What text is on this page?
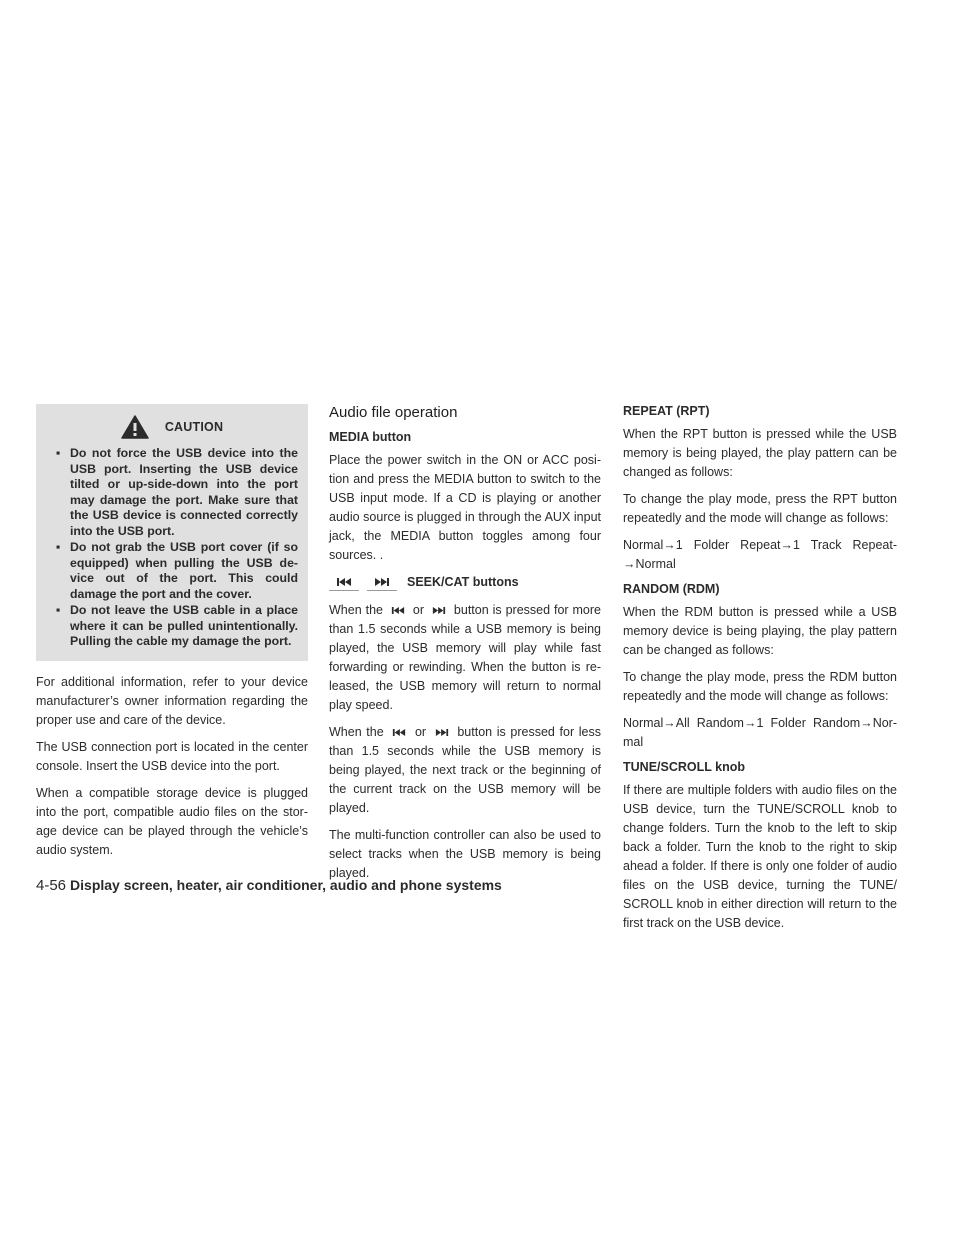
CAUTION
▪ Do not force the USB device into the USB port. Inserting the USB device tilted or up-side-down into the port may damage the port. Make sure that the USB device is connected correctly into the USB port.
▪ Do not grab the USB port cover (if so equipped) when pulling the USB de-vice out of the port. This could damage the port and the cover.
▪ Do not leave the USB cable in a place where it can be pulled unintentionally. Pulling the cable my damage the port.

For additional information, refer to your device manufacturer’s owner information regarding the proper use and care of the device.

The USB connection port is located in the center console. Insert the USB device into the port.

When a compatible storage device is plugged into the port, compatible audio files on the stor-age device can be played through the vehicle’s audio system.

Audio file operation
MEDIA button

Place the power switch in the ON or ACC posi-tion and press the MEDIA button to switch to the USB input mode. If a CD is playing or another audio source is plugged in through the AUX input jack, the MEDIA button toggles among four sources. .

SEEK/CAT buttons

When the or button is pressed for more than 1.5 seconds while a USB memory is being played, the USB memory will play while fast forwarding or rewinding. When the button is re-leased, the USB memory will return to normal play speed.

When the	or	button is pressed for less than 1.5 seconds while the USB memory is being played, the next track or the beginning of the current track on the USB memory will be played.

The multi-function controller can also be used to select tracks when the USB memory is being played.

REPEAT (RPT)

When the RPT button is pressed while the USB memory is being played, the play pattern can be changed as follows:

To change the play mode, press the RPT button repeatedly and the mode will change as follows:

Normal→1 Folder Repeat→1 Track Repeat-→Normal

RANDOM (RDM)

When the RDM button is pressed while a USB memory device is being playing, the play pattern can be changed as follows:

To change the play mode, press the RDM button repeatedly and the mode will change as follows:

Normal→All Random→1 Folder Random→Nor-mal

TUNE/SCROLL knob

If there are multiple folders with audio files on the USB device, turn the TUNE/SCROLL knob to change folders. Turn the knob to the left to skip back a folder. Turn the knob to the right to skip ahead a folder. If there is only one folder of audio files on the USB device, turning the TUNE/ SCROLL knob in either direction will return to the first track on the USB device.

4-56 Display screen, heater, air conditioner, audio and phone systems
